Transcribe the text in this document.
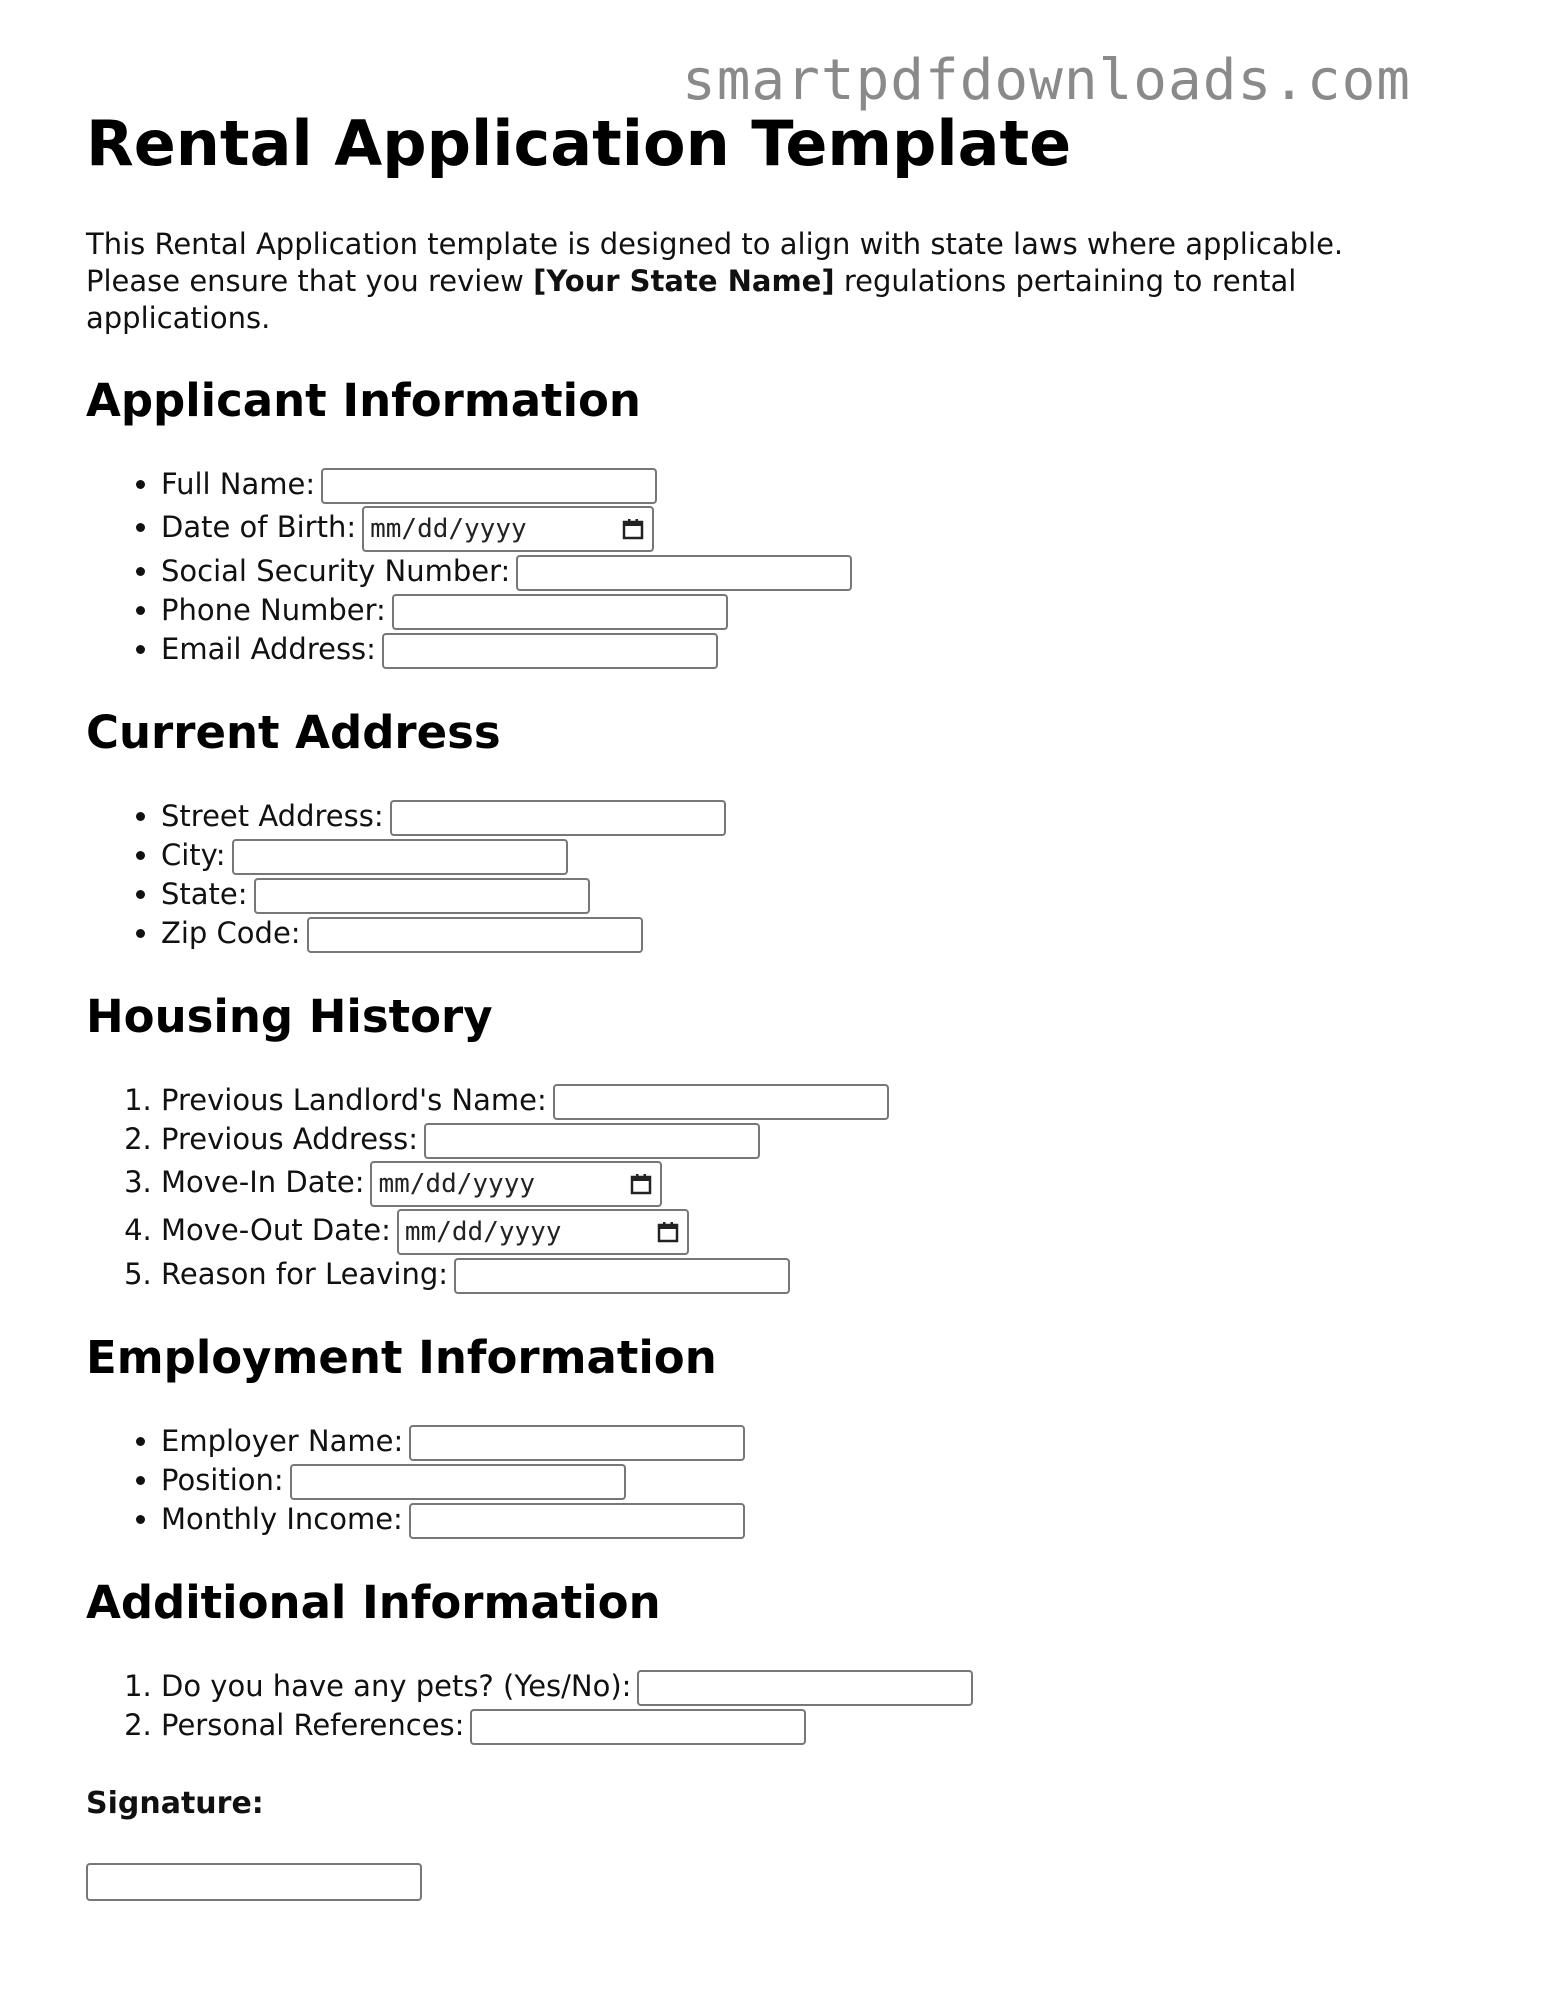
smartpdfdownloads.com
Rental Application Template

This Rental Application template is designed to align with state laws where applicable. Please ensure that you review [Your State Name] regulations pertaining to rental applications.

Applicant Information
• Full Name:
• Date of Birth: mm/dd/yyyy
• Social Security Number:
• Phone Number:
• Email Address:
Current Address
• Street Address:
• City:
• State:
• Zip Code:
Housing History
1. Previous Landlord's Name:
2. Previous Address:
3. Move-In Date: mm/dd/yyyy
4. Move-Out Date: mm/dd/yyyy
5. Reason for Leaving:
Employment Information
• Employer Name:
• Position:
• Monthly Income:
Additional Information
1. Do you have any pets? (Yes/No):
2. Personal References:
Signature:
